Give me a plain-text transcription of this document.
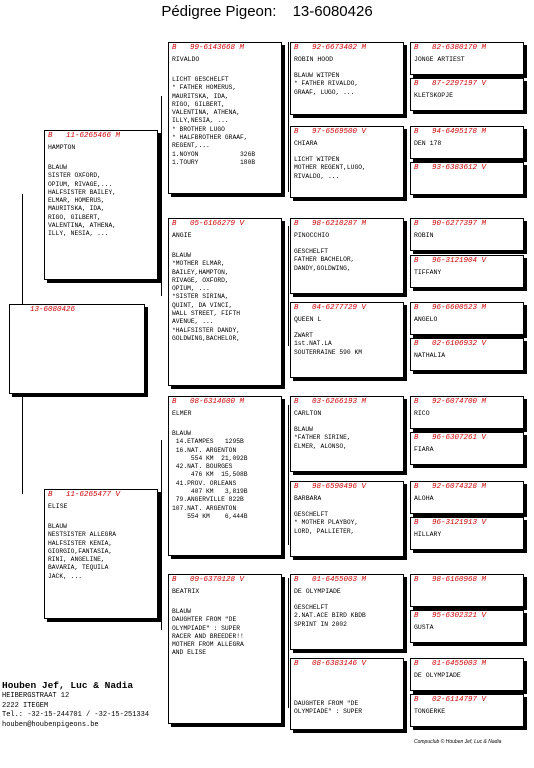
Pédigree Pigeon: 13-6080426
13-6080426
B   11-6265466 M
HAMPTON
BLAUW
SISTER OXFORD,
OPIUM, RIVAGE,...
HALFSISTER BAILEY,
ELMAR, HOMERUS,
MAURITSKA, IDA,
RIGO, GILBERT,
VALENTINA, ATHENA,
ILLY, NESIA, ...
B   11-6265477 V
ELISE
BLAUW
NESTSISTER ALLEGRA
HALFSISTER KENIA,
GIORGIO,FANTASIA,
RINI, ANGELINE,
BAVARIA, TEQUILA
JACK, ...
B   99-6143668 M
RIVALDO
LICHT GESCHELFT
* FATHER HOMERUS,
MAURITSKA, IDA,
RIGO, GILBERT,
VALENTINA, ATHENA,
ILLY,NESIA, ...
* BROTHER LUGO
* HALFBROTHER GRAAF,
REGENT,...
1.NOYON           326B
1.TOURY           180B
B   05-6166279 V
ANGIE
BLAUW
*MOTHER ELMAR,
BAILEY,HAMPTON,
RIVAGE, OXFORD,
OPIUM, ...
*SISTER SIRINA,
QUINT, DA VINCI,
WALL STREET, FIFTH
AVENUE, ...
*HALFSISTER DANDY,
GOLDWING,BACHELOR,
B   08-6314600 M
ELMER
BLAUW
14.ETAMPES   1295B
16.NAT. ARGENTON
554 KM  21,092B
42.NAT. BOURGES
476 KM  15,508B
41.PROV. ORLEANS
407 KM   3,819B
79.ANGERVILLE 822B
107.NAT. ARGENTON
554 KM    6,444B
B   09-6370128 V
BEATRIX
BLAUW
DAUGHTER FROM "DE
OLYMPIADE" : SUPER
RACER AND BREEDER!!
MOTHER FROM ALLEGRA
AND ELISE
B   92-6673402 M
ROBIN HOOD
BLAUW WITPEN
* FATHER RIVALDO,
GRAAF, LUGO, ...
B   97-6569500 V
CHIARA
LICHT WITPEN
MOTHER REGENT,LUGO,
RIVALDO, ...
B   98-6210287 M
PINOCCHIO
GESCHELFT
FATHER BACHELOR,
DANDY,GOLDWING,
B   04-6277729 V
QUEEN L
ZWART
1st.NAT.LA
SOUTERRAINE 590 KM
B   03-6266193 M
CARLTON
BLAUW
*FATHER SIRINE,
ELMER, ALONSO,
B   98-6590496 V
BARBARA
GESCHELFT
* MOTHER PLAYBOY,
LORD, PALLIETER,
B   01-6455003 M
DE OLYMPIADE
GESCHELFT
2.NAT.ACE BIRD KBDB
SPRINT IN 2002
B   08-6383146 V
DAUGHTER FROM "DE
OLYMPIADE" : SUPER
B   82-6380170 M
JONGE ARTIEST
B   87-2297197 V
KLETSKOPJE
B   94-6495178 M
DEN 178
B   93-6383612 V
B   90-6277397 M
ROBIN
B   96-3121904 V
TIFFANY
B   96-6600523 M
ANGELO
B   02-6106932 V
NATHALIA
B   92-6074700 M
RICO
B   96-6307261 V
FIARA
B   92-6074328 M
ALOHA
B   96-3121913 V
HILLARY
B   98-6160968 M
B   95-6302321 V
GUSTA
B   01-6455003 M
DE OLYMPIADE
B   02-6114797 V
TONGERKE
Houben Jef, Luc & Nadia
HEIBERGSTRAAT 12
2222 ITEGEM
Tel.: -32-15-244701 / -32-15-251334
houben@houbenpigeons.be
Compuclub © Houben Jef, Luc & Nadia
